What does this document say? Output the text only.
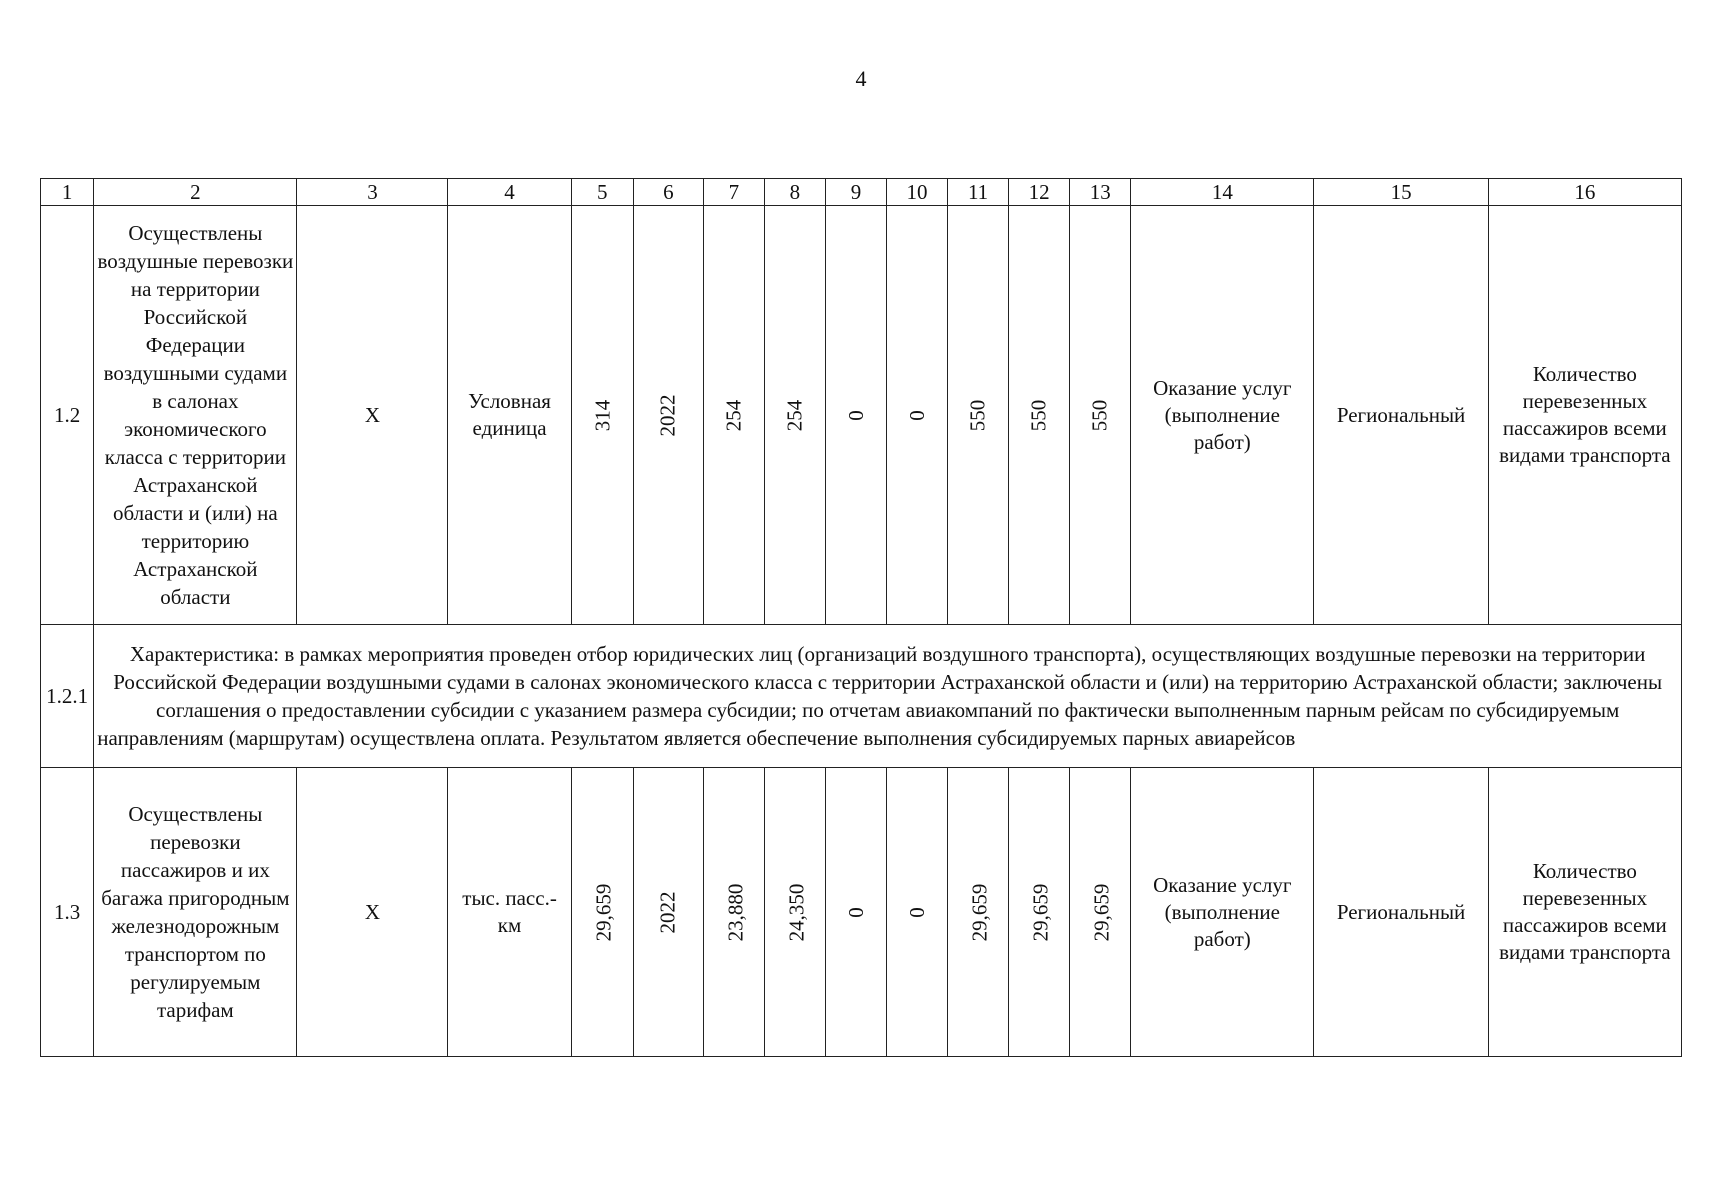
4
1	2	3	4	5	6	7	8	9	10	11	12	13	14	15	16
1.2	Осуществлены воздушные перевозки на территории Российской Федерации воздушными судами в салонах экономического класса с территории Астраханской области и (или) на территорию Астраханской области	Х	Условная единица	314	2022	254	254	0	0	550	550	550	Оказание услуг (выполнение работ)	Региональный	Количество перевезенных пассажиров всеми видами транспорта
1.2.1	Характеристика: в рамках мероприятия проведен отбор юридических лиц (организаций воздушного транспорта), осуществляющих воздушные перевозки на территории Российской Федерации воздушными судами в салонах экономического класса с территории Астраханской области и (или) на территорию Астраханской области; заключены соглашения о предоставлении субсидии с указанием размера субсидии; по отчетам авиакомпаний по фактически выполненным парным рейсам по субсидируемым направлениям (маршрутам) осуществлена оплата. Результатом является обеспечение выполнения субсидируемых парных авиарейсов														
1.3	Осуществлены перевозки пассажиров и их багажа пригородным железнодорожным транспортом по регулируемым тарифам	Х	тыс. пасс.-км	29,659	2022	23,880	24,350	0	0	29,659	29,659	29,659	Оказание услуг (выполнение работ)	Региональный	Количество перевезенных пассажиров всеми видами транспорта
